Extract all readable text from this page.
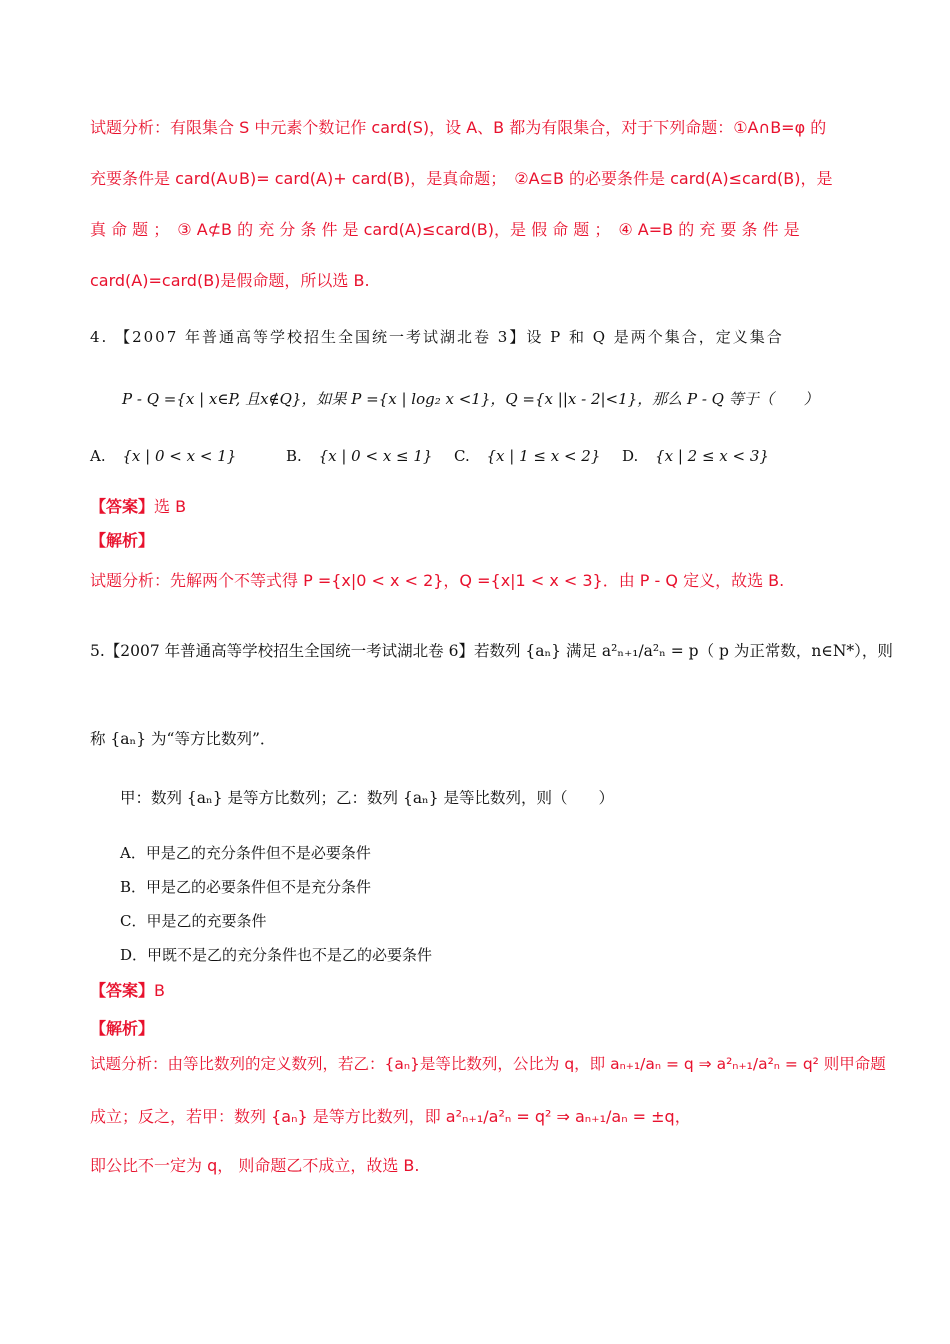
试题分析：有限集合 S 中元素个数记作 card(S)，设 A、B 都为有限集合，对于下列命题：①A∩B=φ 的
充要条件是 card(A∪B)= card(A)+ card(B)，是真命题；　②A⊆B 的必要条件是 card(A)≤card(B)，是
真 命 题 ；　③ A⊄B 的 充 分 条 件 是 card(A)≤card(B)，是 假 命 题 ；　④ A=B 的 充 要 条 件 是
card(A)=card(B)是假命题，所以选 B.
4. 【2007 年普通高等学校招生全国统一考试湖北卷 3】设 P 和 Q 是两个集合，定义集合
P - Q ={x | x∈P, 且x∉Q}，如果 P ={x | log₂ x <1}，Q ={x ||x - 2|<1}，那么 P - Q 等于（　　）
A. {x | 0 < x < 1}	B. {x | 0 < x ≤ 1} C. {x | 1 ≤ x < 2} D. {x | 2 ≤ x < 3}
【答案】选 B
【解析】
试题分析：先解两个不等式得 P ={x|0 < x < 2}，Q ={x|1 < x < 3}．由 P - Q 定义，故选 B.
5.【2007 年普通高等学校招生全国统一考试湖北卷 6】若数列 {aₙ} 满足 a²ₙ₊₁/a²ₙ = p（ p 为正常数，n∈N*），则
称 {aₙ} 为“等方比数列”．
甲：数列 {aₙ} 是等方比数列；乙：数列 {aₙ} 是等比数列，则（　　）
A．甲是乙的充分条件但不是必要条件
B．甲是乙的必要条件但不是充分条件
C．甲是乙的充要条件
D．甲既不是乙的充分条件也不是乙的必要条件
【答案】B
【解析】
试题分析：由等比数列的定义数列，若乙：{aₙ}是等比数列，公比为 q，即 aₙ₊₁/aₙ = q ⇒ a²ₙ₊₁/a²ₙ = q² 则甲命题
成立；反之，若甲：数列 {aₙ} 是等方比数列，即 a²ₙ₊₁/a²ₙ = q² ⇒ aₙ₊₁/aₙ = ±q，
即公比不一定为 q， 则命题乙不成立，故选 B.
